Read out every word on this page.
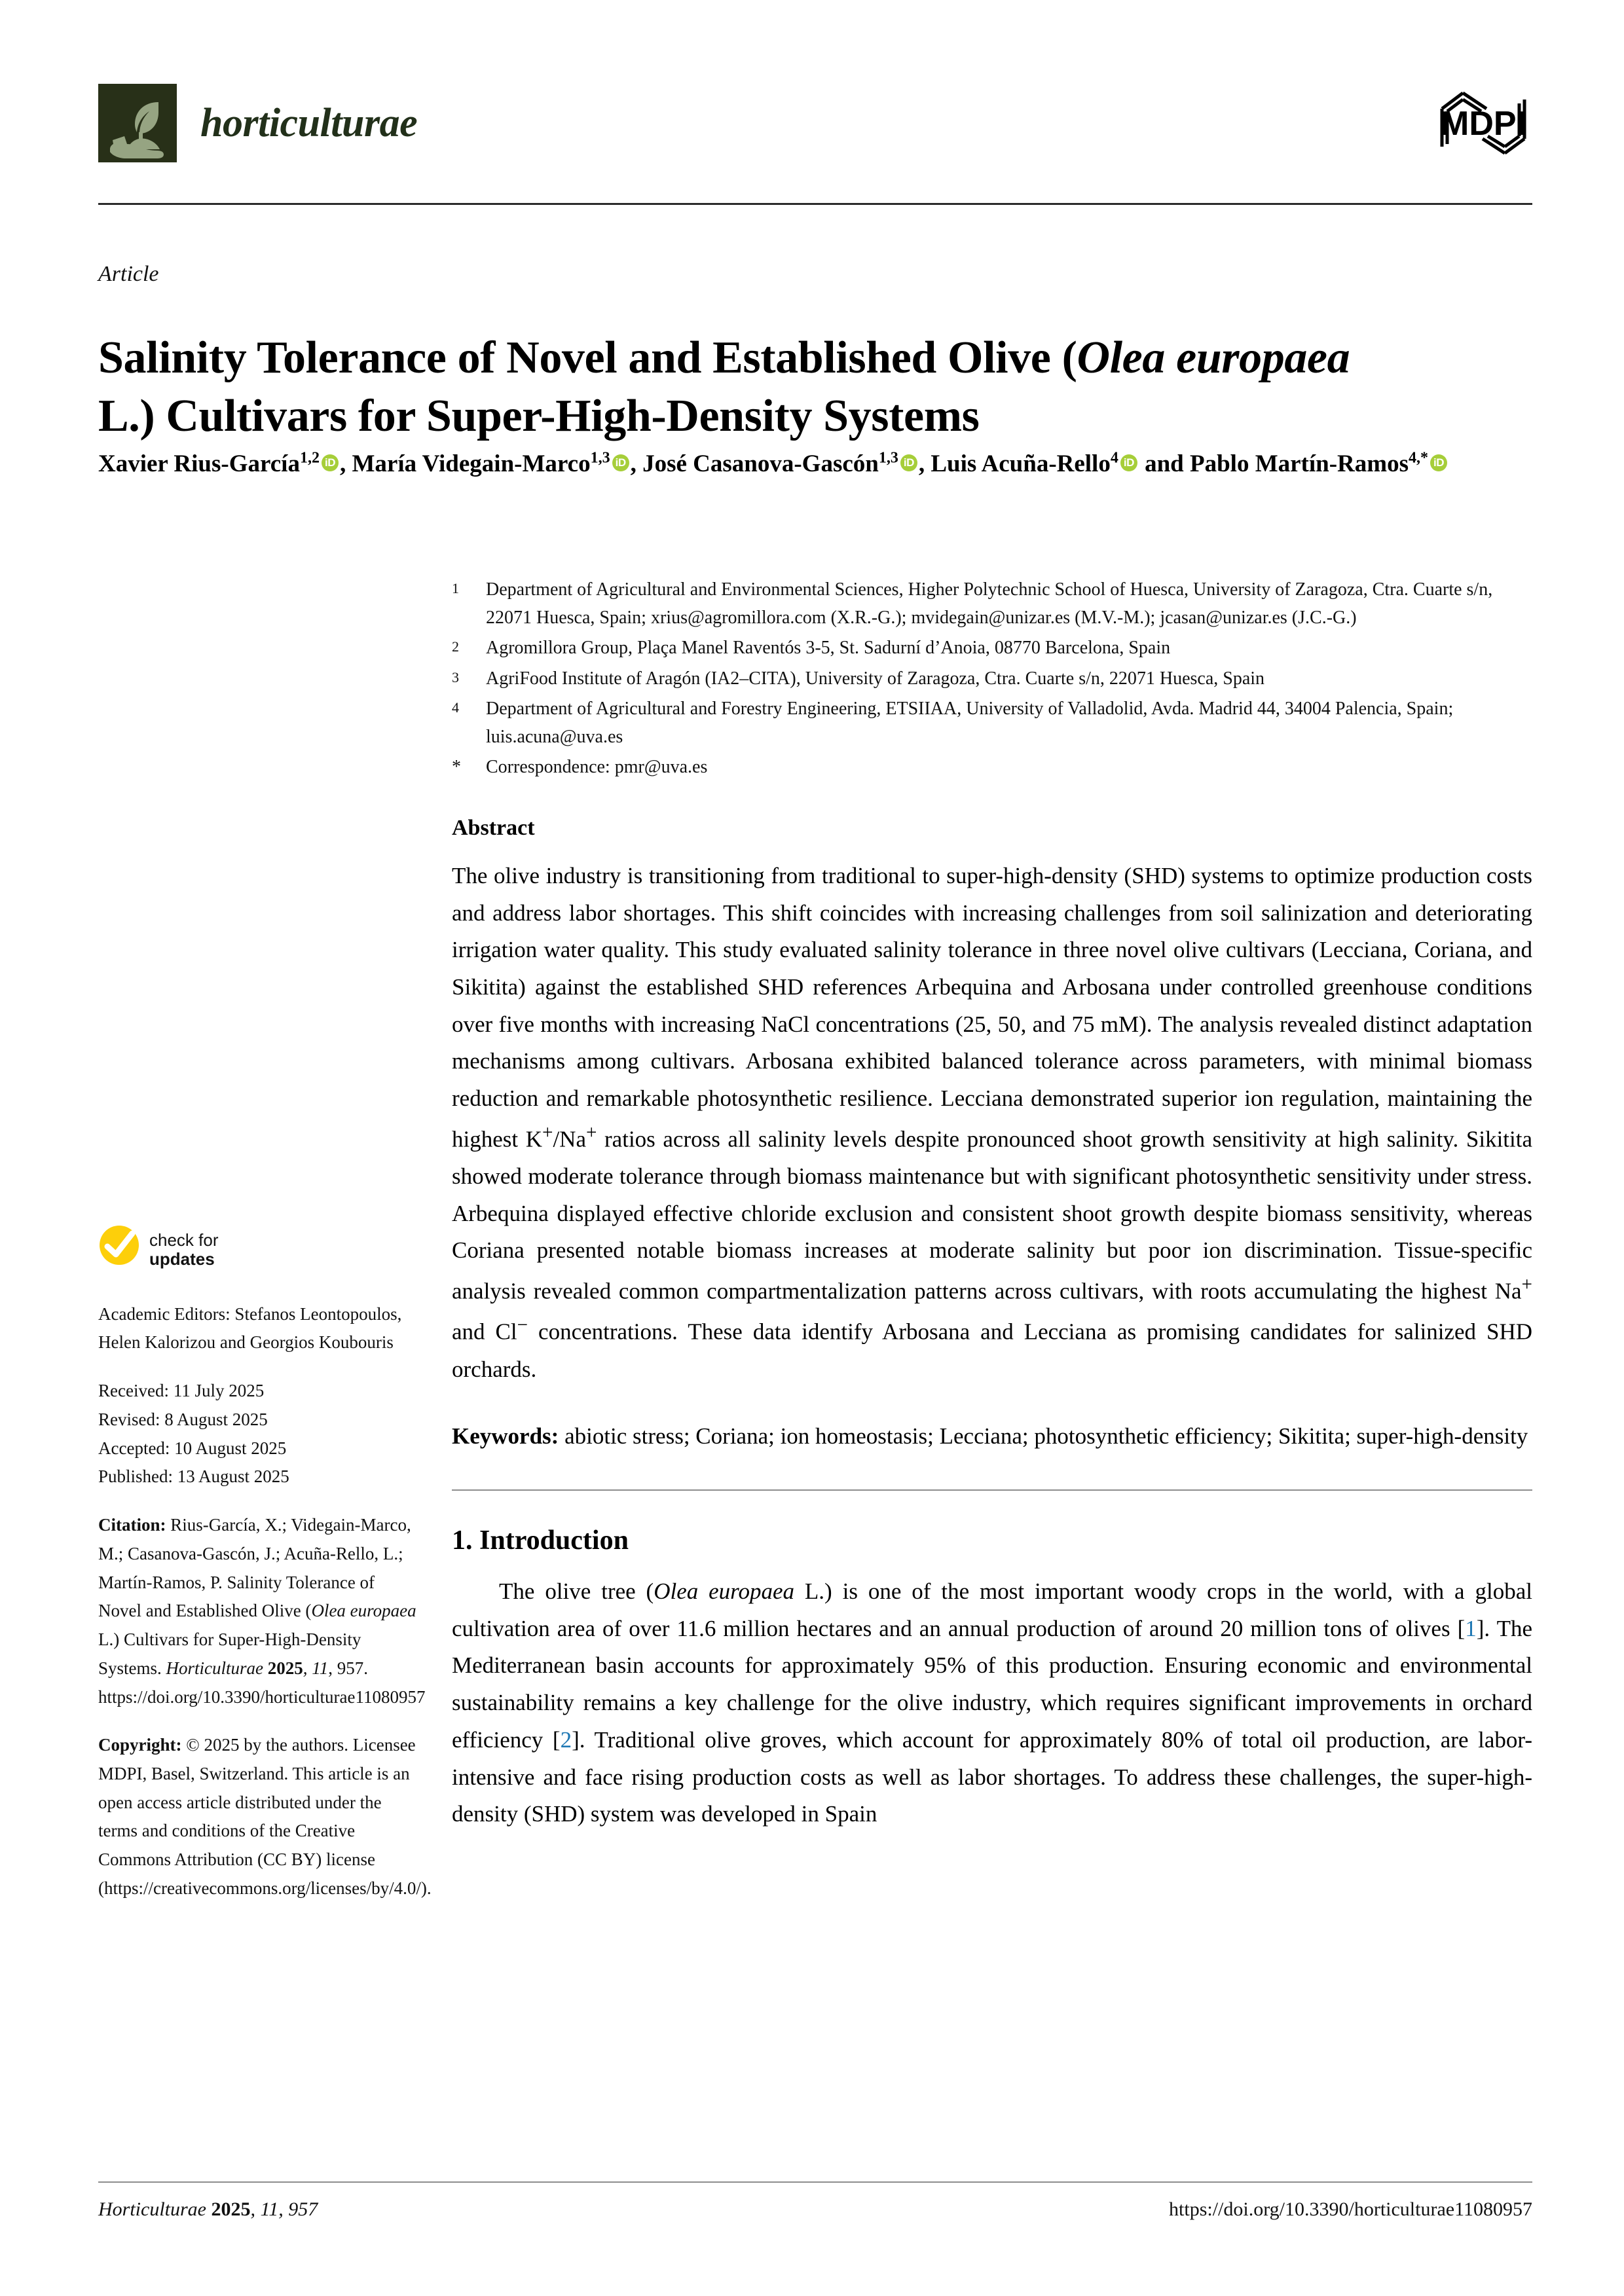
horticulturae	MDPI
Article
Salinity Tolerance of Novel and Established Olive (Olea europaea L.) Cultivars for Super-High-Density Systems
Xavier Rius-García$^{1,2}$ iD , María Videgain-Marco$^{1,3}$ iD , José Casanova-Gascón$^{1,3}$ iD , Luis Acuña-Rello$^4$ iD and Pablo Martín-Ramos$^{4,*}$ iD
check for
updates
Academic Editors: Stefanos Leontopoulos, Helen Kalorizou and Georgios Koubouris
Received: 11 July 2025
Revised: 8 August 2025
Accepted: 10 August 2025
Published: 13 August 2025
Citation: Rius-García, X.; Videgain-Marco, M.; Casanova-Gascón, J.; Acuña-Rello, L.; Martín-Ramos, P. Salinity Tolerance of Novel and Established Olive (Olea europaea L.) Cultivars for Super-High-Density Systems. Horticulturae 2025, 11, 957. https://doi.org/10.3390/horticulturae11080957
Copyright: © 2025 by the authors. Licensee MDPI, Basel, Switzerland. This article is an open access article distributed under the terms and conditions of the Creative Commons Attribution (CC BY) license (https://creativecommons.org/licenses/by/4.0/).
1	Department of Agricultural and Environmental Sciences, Higher Polytechnic School of Huesca, University of Zaragoza, Ctra. Cuarte s/n, 22071 Huesca, Spain; xrius@agromillora.com (X.R.-G.); mvidegain@unizar.es (M.V.-M.); jcasan@unizar.es (J.C.-G.)
2	Agromillora Group, Plaça Manel Raventós 3-5, St. Sadurní d’Anoia, 08770 Barcelona, Spain
3	AgriFood Institute of Aragón (IA2–CITA), University of Zaragoza, Ctra. Cuarte s/n, 22071 Huesca, Spain
4	Department of Agricultural and Forestry Engineering, ETSIIAA, University of Valladolid, Avda. Madrid 44, 34004 Palencia, Spain; luis.acuna@uva.es
*	Correspondence: pmr@uva.es
Abstract
The olive industry is transitioning from traditional to super-high-density (SHD) systems to optimize production costs and address labor shortages. This shift coincides with increasing challenges from soil salinization and deteriorating irrigation water quality. This study evaluated salinity tolerance in three novel olive cultivars (Lecciana, Coriana, and Sikitita) against the established SHD references Arbequina and Arbosana under controlled greenhouse conditions over five months with increasing NaCl concentrations (25, 50, and 75 mM). The analysis revealed distinct adaptation mechanisms among cultivars. Arbosana exhibited balanced tolerance across parameters, with minimal biomass reduction and remarkable photosynthetic resilience. Lecciana demonstrated superior ion regulation, maintaining the highest K+/Na+ ratios across all salinity levels despite pronounced shoot growth sensitivity at high salinity. Sikitita showed moderate tolerance through biomass maintenance but with significant photosynthetic sensitivity under stress. Arbequina displayed effective chloride exclusion and consistent shoot growth despite biomass sensitivity, whereas Coriana presented notable biomass increases at moderate salinity but poor ion discrimination. Tissue-specific analysis revealed common compartmentalization patterns across cultivars, with roots accumulating the highest Na+ and Cl− concentrations. These data identify Arbosana and Lecciana as promising candidates for salinized SHD orchards.
Keywords: abiotic stress; Coriana; ion homeostasis; Lecciana; photosynthetic efficiency; Sikitita; super-high-density
1. Introduction
The olive tree (Olea europaea L.) is one of the most important woody crops in the world, with a global cultivation area of over 11.6 million hectares and an annual production of around 20 million tons of olives [1]. The Mediterranean basin accounts for approximately 95% of this production. Ensuring economic and environmental sustainability remains a key challenge for the olive industry, which requires significant improvements in orchard efficiency [2]. Traditional olive groves, which account for approximately 80% of total oil production, are labor-intensive and face rising production costs as well as labor shortages. To address these challenges, the super-high-density (SHD) system was developed in Spain
Horticulturae 2025, 11, 957	https://doi.org/10.3390/horticulturae11080957
